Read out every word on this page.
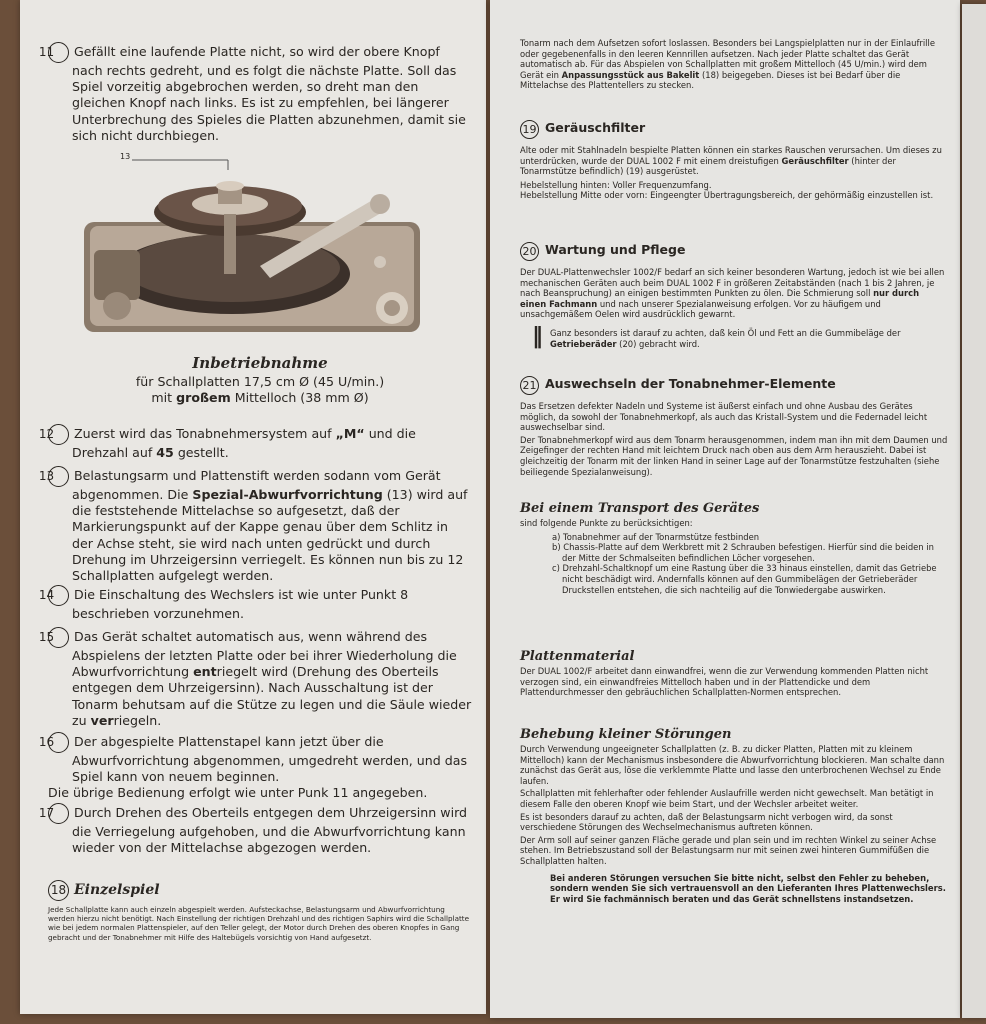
11 Gefällt eine laufende Platte nicht, so wird der obere Knopf nach rechts gedreht, und es folgt die nächste Platte. Soll das Spiel vorzeitig abgebrochen werden, so dreht man den gleichen Knopf nach links. Es ist zu empfehlen, bei längerer Unterbrechung des Spieles die Platten abzunehmen, damit sie sich nicht durchbiegen.

13

Inbetriebnahme

für Schallplatten 17,5 cm Ø (45 U/min.)

mit großem Mittelloch (38 mm Ø)

12 Zuerst wird das Tonabnehmersystem auf „M“ und die Drehzahl auf 45 gestellt.

13 Belastungsarm und Plattenstift werden sodann vom Gerät abgenommen. Die Spezial-Abwurfvorrichtung (13) wird auf die feststehende Mittelachse so aufgesetzt, daß der Markierungspunkt auf der Kappe genau über dem Schlitz in der Achse steht, sie wird nach unten gedrückt und durch Drehung im Uhrzeigersinn verriegelt. Es können nun bis zu 12 Schallplatten aufgelegt werden.

14 Die Einschaltung des Wechslers ist wie unter Punkt 8 beschrieben vorzunehmen.

15 Das Gerät schaltet automatisch aus, wenn während des Abspielens der letzten Platte oder bei ihrer Wiederholung die Abwurfvorrichtung entriegelt wird (Drehung des Oberteils entgegen dem Uhrzeigersinn). Nach Ausschaltung ist der Tonarm behutsam auf die Stütze zu legen und die Säule wieder zu verriegeln.

16 Der abgespielte Plattenstapel kann jetzt über die Abwurfvorrichtung abgenommen, umgedreht werden, und das Spiel kann von neuem beginnen.

Die übrige Bedienung erfolgt wie unter Punk 11 angegeben.

17 Durch Drehen des Oberteils entgegen dem Uhrzeigersinn wird die Verriegelung aufgehoben, und die Abwurfvorrichtung kann wieder von der Mittelachse abgezogen werden.

18 Einzelspiel

Jede Schallplatte kann auch einzeln abgespielt werden. Aufsteckachse, Belastungsarm und Abwurfvorrichtung werden hierzu nicht benötigt. Nach Einstellung der richtigen Drehzahl und des richtigen Saphirs wird die Schallplatte wie bei jedem normalen Plattenspieler, auf den Teller gelegt, der Motor durch Drehen des oberen Knopfes in Gang gebracht und der Tonabnehmer mit Hilfe des Haltebügels vorsichtig von Hand aufgesetzt.

Tonarm nach dem Aufsetzen sofort loslassen. Besonders bei Langspielplatten nur in der Einlaufrille oder gegebenenfalls in den leeren Kennrillen aufsetzen. Nach jeder Platte schaltet das Gerät automatisch ab. Für das Abspielen von Schallplatten mit großem Mittelloch (45 U/min.) wird dem Gerät ein Anpassungsstück aus Bakelit (18) beigegeben. Dieses ist bei Bedarf über die Mittelachse des Plattentellers zu stecken.

19 Geräuschfilter

Alte oder mit Stahlnadeln bespielte Platten können ein starkes Rauschen verursachen. Um dieses zu unterdrücken, wurde der DUAL 1002 F mit einem dreistufigen Geräuschfilter (hinter der Tonarmstütze befindlich) (19) ausgerüstet.

Hebelstellung hinten: Voller Frequenzumfang.

Hebelstellung Mitte oder vorn: Eingeengter Übertragungsbereich, der gehörmäßig einzustellen ist.

20 Wartung und Pflege

Der DUAL-Plattenwechsler 1002/F bedarf an sich keiner besonderen Wartung, jedoch ist wie bei allen mechanischen Geräten auch beim DUAL 1002 F in größeren Zeitabständen (nach 1 bis 2 Jahren, je nach Beanspruchung) an einigen bestimmten Punkten zu ölen. Die Schmierung soll nur durch einen Fachmann und nach unserer Spezialanweisung erfolgen. Vor zu häufigem und unsachgemäßem Oelen wird ausdrücklich gewarnt.

‖ Ganz besonders ist darauf zu achten, daß kein Öl und Fett an die Gummibeläge der Getrieberäder (20) gebracht wird.

21 Auswechseln der Tonabnehmer-Elemente

Das Ersetzen defekter Nadeln und Systeme ist äußerst einfach und ohne Ausbau des Gerätes möglich, da sowohl der Tonabnehmerkopf, als auch das Kristall-System und die Federnadel leicht auswechselbar sind.

Der Tonabnehmerkopf wird aus dem Tonarm herausgenommen, indem man ihn mit dem Daumen und Zeigefinger der rechten Hand mit leichtem Druck nach oben aus dem Arm herauszieht. Dabei ist gleichzeitig der Tonarm mit der linken Hand in seiner Lage auf der Tonarmstütze festzuhalten (siehe beiliegende Spezialanweisung).

Bei einem Transport des Gerätes

sind folgende Punkte zu berücksichtigen:

a) Tonabnehmer auf der Tonarmstütze festbinden

b) Chassis-Platte auf dem Werkbrett mit 2 Schrauben befestigen. Hierfür sind die beiden in der Mitte der Schmalseiten befindlichen Löcher vorgesehen.

c) Drehzahl-Schaltknopf um eine Rastung über die 33 hinaus einstellen, damit das Getriebe nicht beschädigt wird. Andernfalls können auf den Gummibelägen der Getrieberäder Druckstellen entstehen, die sich nachteilig auf die Tonwiedergabe auswirken.

Plattenmaterial

Der DUAL 1002/F arbeitet dann einwandfrei, wenn die zur Verwendung kommenden Platten nicht verzogen sind, ein einwandfreies Mittelloch haben und in der Plattendicke und dem Plattendurchmesser den gebräuchlichen Schallplatten-Normen entsprechen.

Behebung kleiner Störungen

Durch Verwendung ungeeigneter Schallplatten (z. B. zu dicker Platten, Platten mit zu kleinem Mittelloch) kann der Mechanismus insbesondere die Abwurfvorrichtung blockieren. Man schalte dann zunächst das Gerät aus, löse die verklemmte Platte und lasse den unterbrochenen Wechsel zu Ende laufen.

Schallplatten mit fehlerhafter oder fehlender Auslaufrille werden nicht gewechselt. Man betätigt in diesem Falle den oberen Knopf wie beim Start, und der Wechsler arbeitet weiter.

Es ist besonders darauf zu achten, daß der Belastungsarm nicht verbogen wird, da sonst verschiedene Störungen des Wechselmechanismus auftreten können.

Der Arm soll auf seiner ganzen Fläche gerade und plan sein und im rechten Winkel zu seiner Achse stehen. Im Betriebszustand soll der Belastungsarm nur mit seinen zwei hinteren Gummifüßen die Schallplatten halten.

Bei anderen Störungen versuchen Sie bitte nicht, selbst den Fehler zu beheben, sondern wenden Sie sich vertrauensvoll an den Lieferanten Ihres Plattenwechslers. Er wird Sie fachmännisch beraten und das Gerät schnellstens instandsetzen.
